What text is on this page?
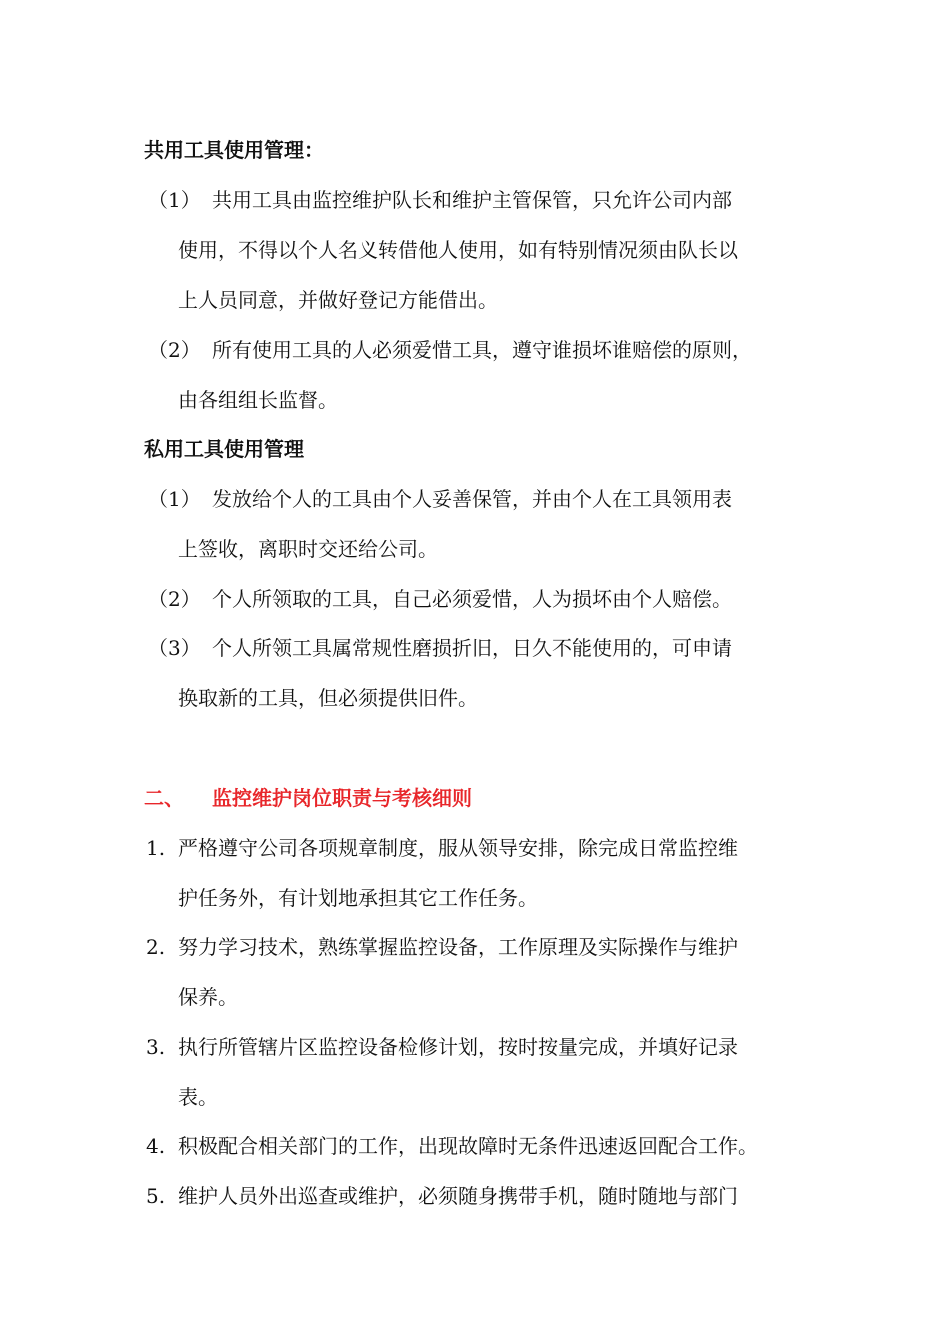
共用工具使用管理：
（1） 共用工具由监控维护队长和维护主管保管，只允许公司内部
使用，不得以个人名义转借他人使用，如有特别情况须由队长以
上人员同意，并做好登记方能借出。
（2） 所有使用工具的人必须爱惜工具，遵守谁损坏谁赔偿的原则，
由各组组长监督。
私用工具使用管理
（1） 发放给个人的工具由个人妥善保管，并由个人在工具领用表
上签收，离职时交还给公司。
（2） 个人所领取的工具，自己必须爱惜，人为损坏由个人赔偿。
（3） 个人所领工具属常规性磨损折旧，日久不能使用的，可申请
换取新的工具，但必须提供旧件。
二、 监控维护岗位职责与考核细则
1. 严格遵守公司各项规章制度，服从领导安排，除完成日常监控维
护任务外，有计划地承担其它工作任务。
2. 努力学习技术，熟练掌握监控设备，工作原理及实际操作与维护
保养。
3. 执行所管辖片区监控设备检修计划，按时按量完成，并填好记录
表。
4. 积极配合相关部门的工作，出现故障时无条件迅速返回配合工作。
5. 维护人员外出巡查或维护，必须随身携带手机，随时随地与部门
